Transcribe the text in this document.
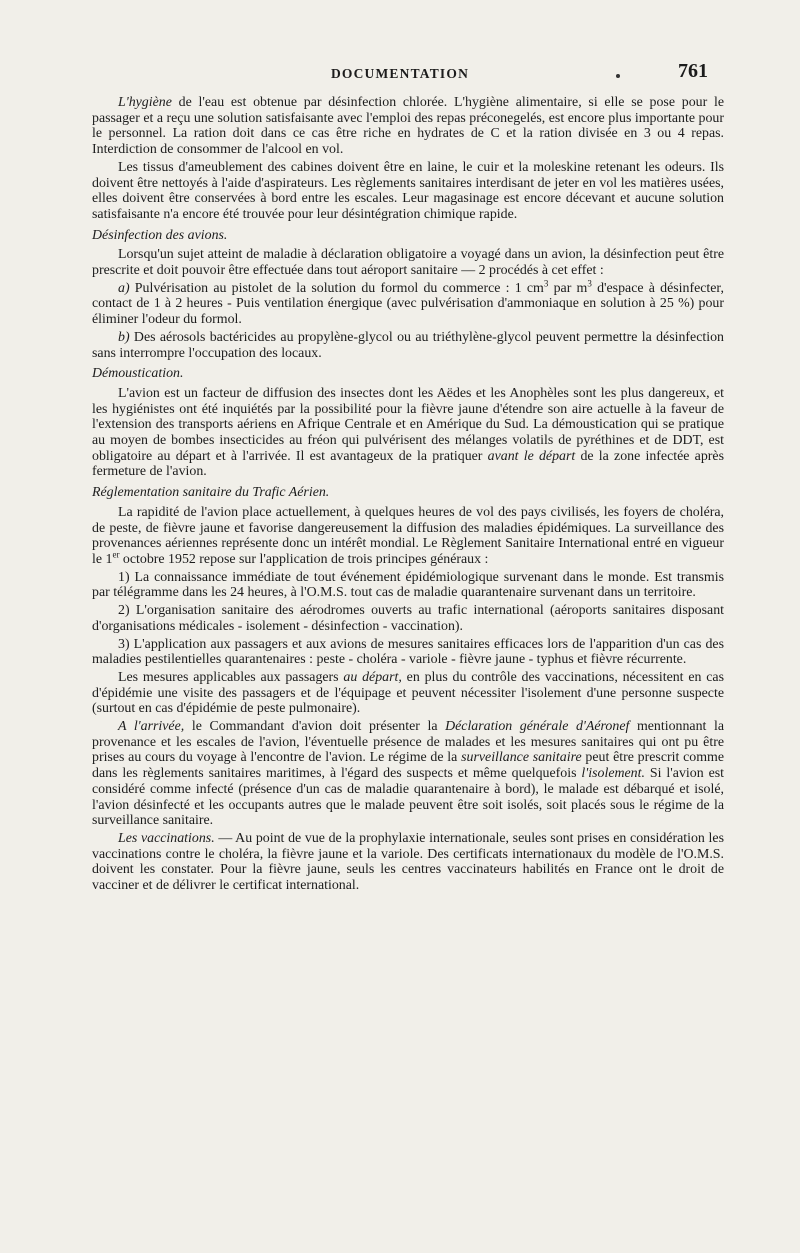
DOCUMENTATION	761

L'hygiène de l'eau est obtenue par désinfection chlorée. L'hygiène alimentaire, si elle se pose pour le passager et a reçu une solution satisfaisante avec l'emploi des repas préconegelés, est encore plus importante pour le personnel. La ration doit dans ce cas être riche en hydrates de C et la ration divisée en 3 ou 4 repas. Interdiction de consommer de l'alcool en vol.

Les tissus d'ameublement des cabines doivent être en laine, le cuir et la moleskine retenant les odeurs. Ils doivent être nettoyés à l'aide d'aspirateurs. Les règlements sanitaires interdisant de jeter en vol les matières usées, elles doivent être conservées à bord entre les escales. Leur magasinage est encore décevant et aucune solution satisfaisante n'a encore été trouvée pour leur désintégration chimique rapide.

Désinfection des avions.

Lorsqu'un sujet atteint de maladie à déclaration obligatoire a voyagé dans un avion, la désinfection peut être prescrite et doit pouvoir être effectuée dans tout aéroport sanitaire — 2 procédés à cet effet :

a) Pulvérisation au pistolet de la solution du formol du commerce : 1 $cm^3$ par $m^3$ d'espace à désinfecter, contact de 1 à 2 heures - Puis ventilation énergique (avec pulvérisation d'ammoniaque en solution à 25 %) pour éliminer l'odeur du formol.

b) Des aérosols bactéricides au propylène-glycol ou au triéthylène-glycol peuvent permettre la désinfection sans interrompre l'occupation des locaux.

Démoustication.

L'avion est un facteur de diffusion des insectes dont les Aëdes et les Anophèles sont les plus dangereux, et les hygiénistes ont été inquiétés par la possibilité pour la fièvre jaune d'étendre son aire actuelle à la faveur de l'extension des transports aériens en Afrique Centrale et en Amérique du Sud. La démoustication qui se pratique au moyen de bombes insecticides au fréon qui pulvérisent des mélanges volatils de pyréthines et de DDT, est obligatoire au départ et à l'arrivée. Il est avantageux de la pratiquer avant le départ de la zone infectée après fermeture de l'avion.

Réglementation sanitaire du Trafic Aérien.

La rapidité de l'avion place actuellement, à quelques heures de vol des pays civilisés, les foyers de choléra, de peste, de fièvre jaune et favorise dangereusement la diffusion des maladies épidémiques. La surveillance des provenances aériennes représente donc un intérêt mondial. Le Règlement Sanitaire International entré en vigueur le 1er octobre 1952 repose sur l'application de trois principes généraux :

1) La connaissance immédiate de tout événement épidémiologique survenant dans le monde. Est transmis par télégramme dans les 24 heures, à l'O.M.S. tout cas de maladie quarantenaire survenant dans un territoire.

2) L'organisation sanitaire des aérodromes ouverts au trafic international (aéroports sanitaires disposant d'organisations médicales - isolement - désinfection - vaccination).

3) L'application aux passagers et aux avions de mesures sanitaires efficaces lors de l'apparition d'un cas des maladies pestilentielles quarantenaires : peste - choléra - variole - fièvre jaune - typhus et fièvre récurrente.

Les mesures applicables aux passagers au départ, en plus du contrôle des vaccinations, nécessitent en cas d'épidémie une visite des passagers et de l'équipage et peuvent nécessiter l'isolement d'une personne suspecte (surtout en cas d'épidémie de peste pulmonaire).

A l'arrivée, le Commandant d'avion doit présenter la Déclaration générale d'Aéronef mentionnant la provenance et les escales de l'avion, l'éventuelle présence de malades et les mesures sanitaires qui ont pu être prises au cours du voyage à l'encontre de l'avion. Le régime de la surveillance sanitaire peut être prescrit comme dans les règlements sanitaires maritimes, à l'égard des suspects et même quelquefois l'isolement. Si l'avion est considéré comme infecté (présence d'un cas de maladie quarantenaire à bord), le malade est débarqué et isolé, l'avion désinfecté et les occupants autres que le malade peuvent être soit isolés, soit placés sous le régime de la surveillance sanitaire.

Les vaccinations. — Au point de vue de la prophylaxie internationale, seules sont prises en considération les vaccinations contre le choléra, la fièvre jaune et la variole. Des certificats internationaux du modèle de l'O.M.S. doivent les constater. Pour la fièvre jaune, seuls les centres vaccinateurs habilités en France ont le droit de vacciner et de délivrer le certificat international.
